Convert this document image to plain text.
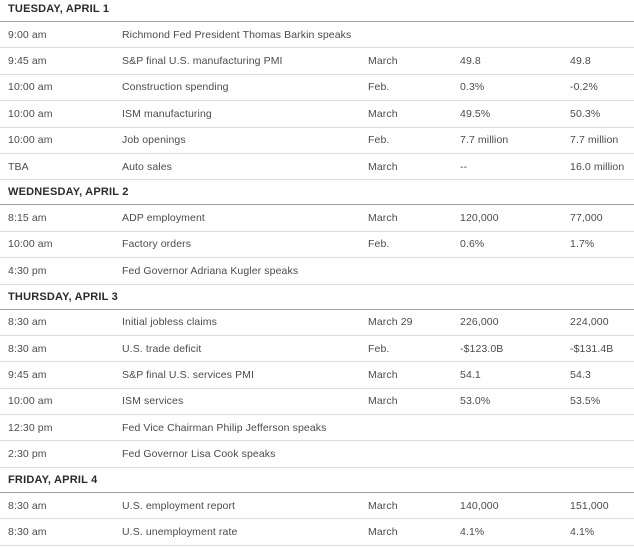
TUESDAY, APRIL 1
9:00 am	Richmond Fed President Thomas Barkin speaks
9:45 am	S&P final U.S. manufacturing PMI	March	49.8	49.8
10:00 am	Construction spending	Feb.	0.3%	-0.2%
10:00 am	ISM manufacturing	March	49.5%	50.3%
10:00 am	Job openings	Feb.	7.7 million	7.7 million
TBA	Auto sales	March	--	16.0 million
WEDNESDAY, APRIL 2
8:15 am	ADP employment	March	120,000	77,000
10:00 am	Factory orders	Feb.	0.6%	1.7%
4:30 pm	Fed Governor Adriana Kugler speaks
THURSDAY, APRIL 3
8:30 am	Initial jobless claims	March 29	226,000	224,000
8:30 am	U.S. trade deficit	Feb.	-$123.0B	-$131.4B
9:45 am	S&P final U.S. services PMI	March	54.1	54.3
10:00 am	ISM services	March	53.0%	53.5%
12:30 pm	Fed Vice Chairman Philip Jefferson speaks
2:30 pm	Fed Governor Lisa Cook speaks
FRIDAY, APRIL 4
8:30 am	U.S. employment report	March	140,000	151,000
8:30 am	U.S. unemployment rate	March	4.1%	4.1%
